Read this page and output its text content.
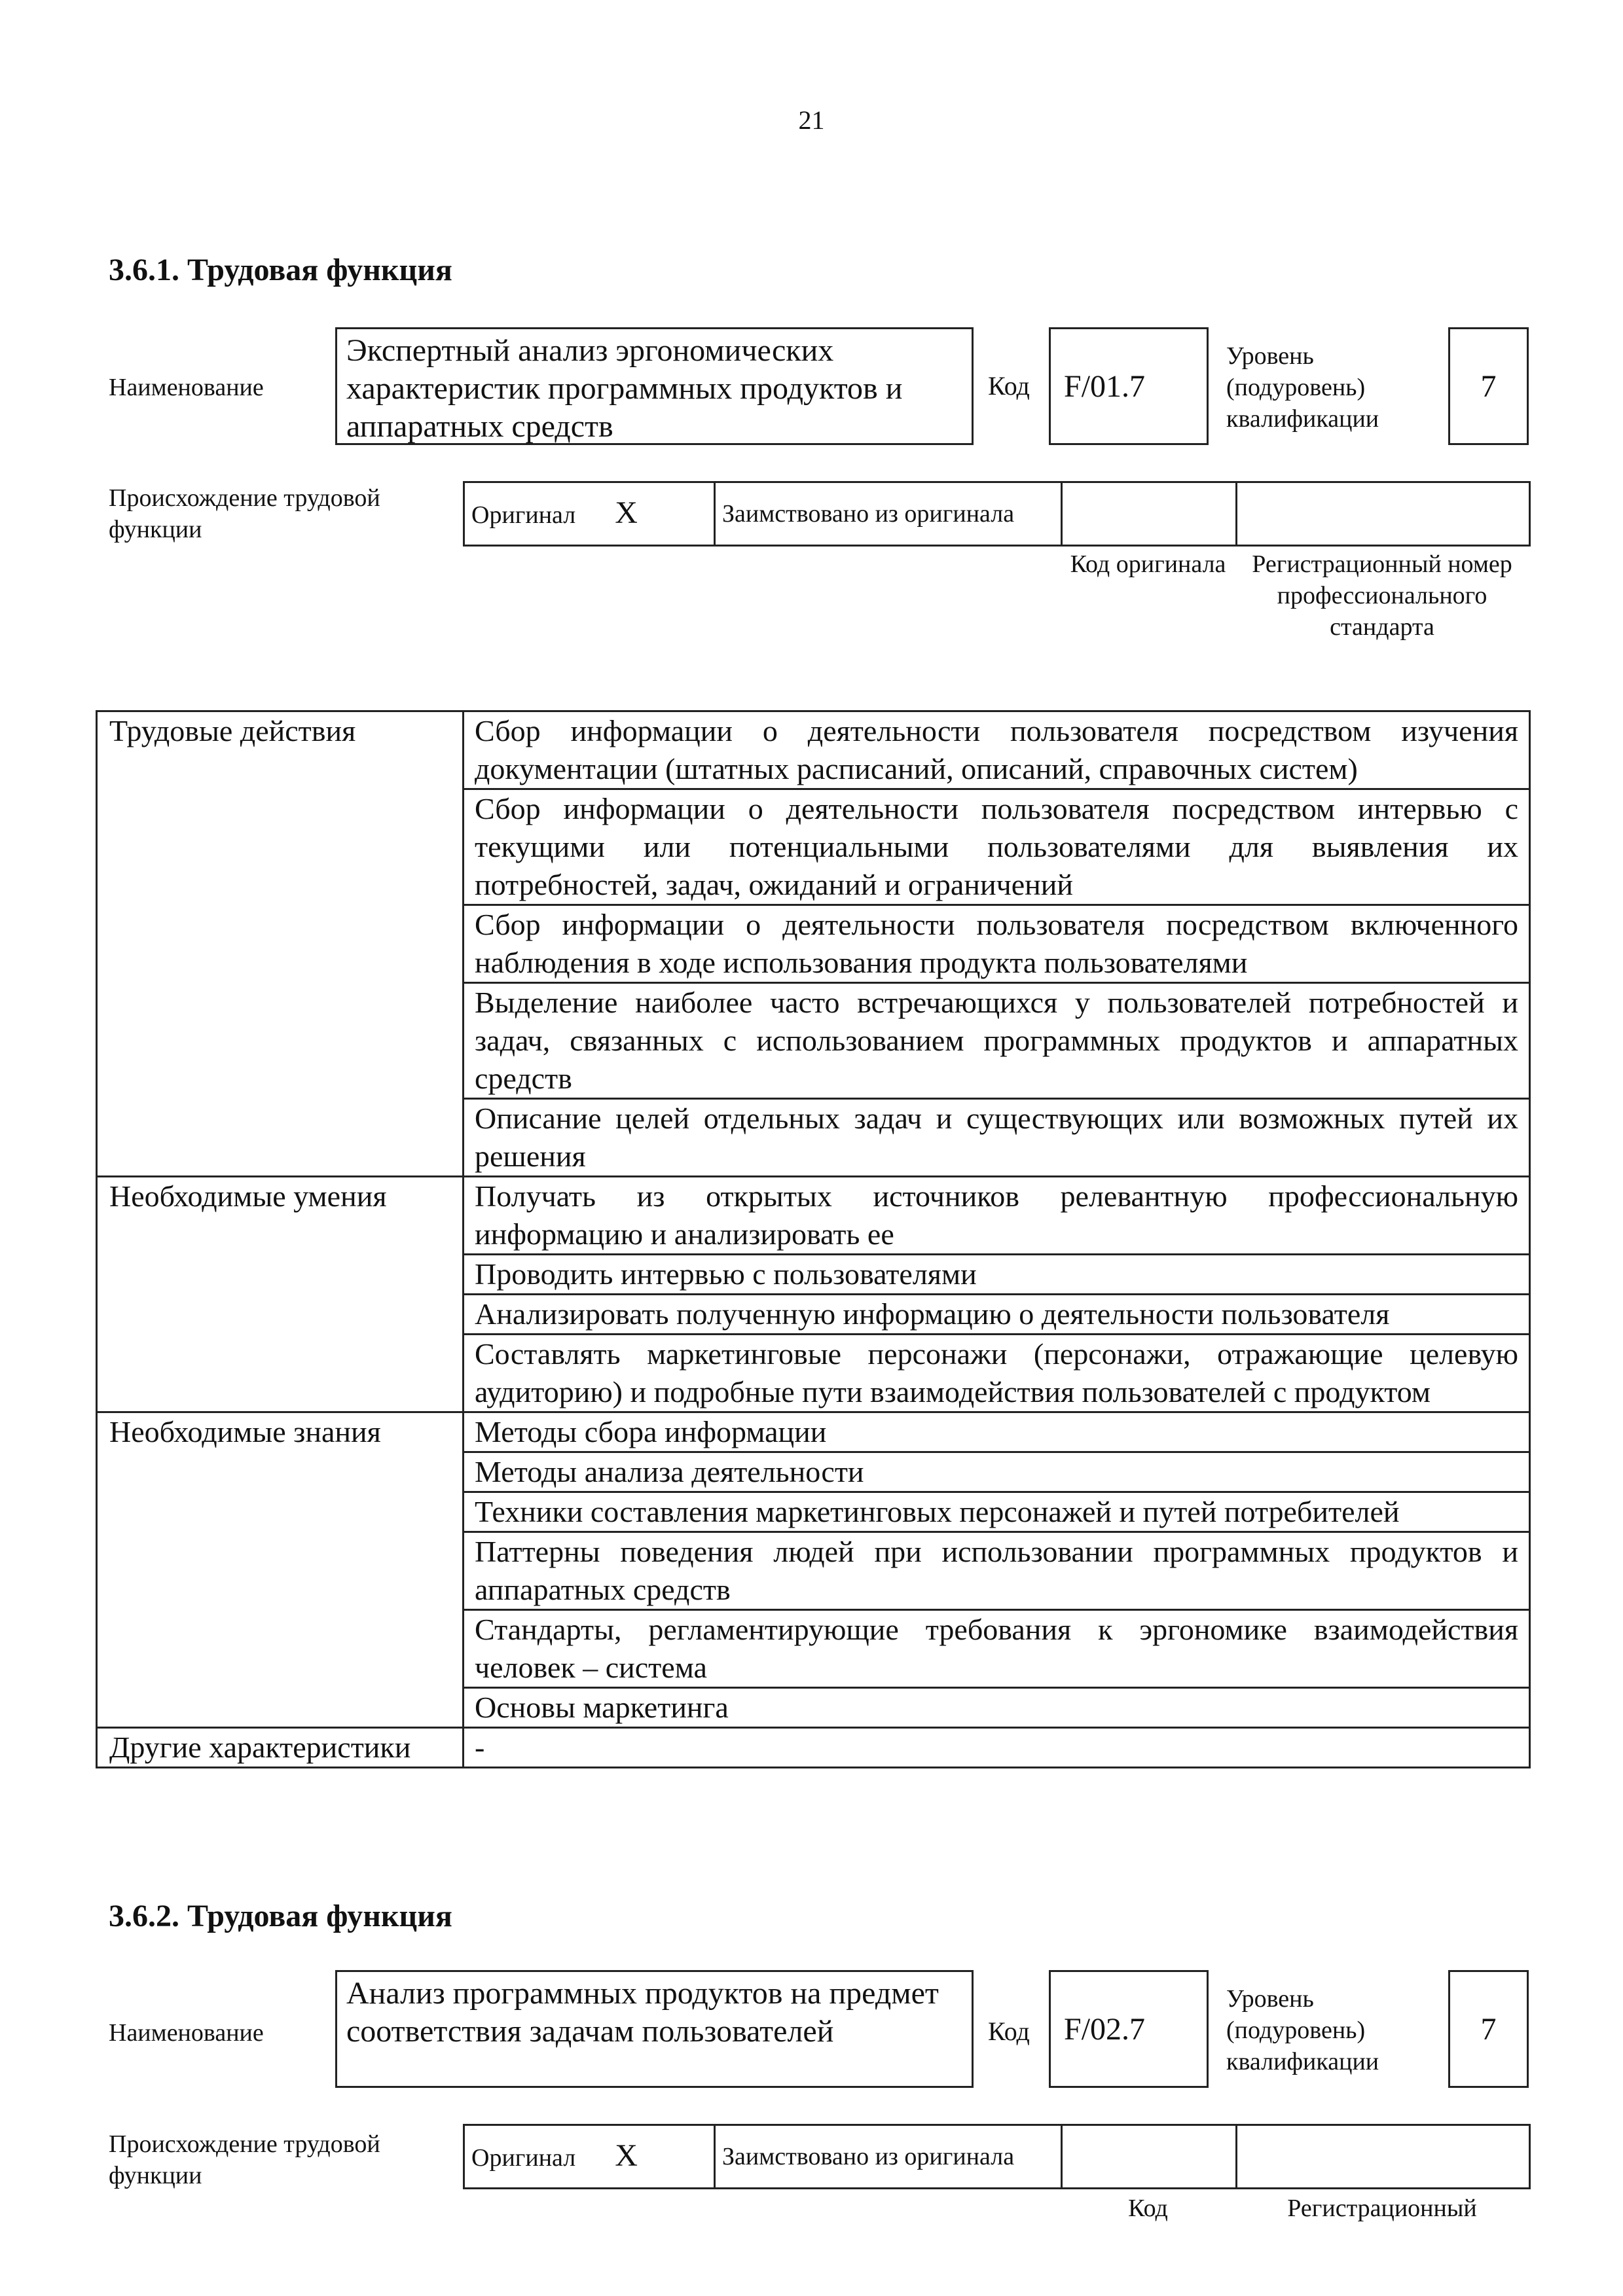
21
3.6.1. Трудовая функция
Наименование
Экспертный анализ эргономических характеристик программных продуктов и аппаратных средств
Код	F/01.7
Уровень (подуровень) квалификации
7
Происхождение трудовой функции
Оригинал X	Заимствовано из оригинала		
Код оригинала	Регистрационный номер профессионального стандарта
Трудовые действия	Сбор информации о деятельности пользователя посредством изучения документации (штатных расписаний, описаний, справочных систем)
	Сбор информации о деятельности пользователя посредством интервью с текущими или потенциальными пользователями для выявления их потребностей, задач, ожиданий и ограничений
	Сбор информации о деятельности пользователя посредством включенного наблюдения в ходе использования продукта пользователями
	Выделение наиболее часто встречающихся у пользователей потребностей и задач, связанных с использованием программных продуктов и аппаратных средств
	Описание целей отдельных задач и существующих или возможных путей их решения
Необходимые умения	Получать из открытых источников релевантную профессиональную информацию и анализировать ее
	Проводить интервью с пользователями
	Анализировать полученную информацию о деятельности пользователя
	Составлять маркетинговые персонажи (персонажи, отражающие целевую аудиторию) и подробные пути взаимодействия пользователей с продуктом
Необходимые знания	Методы сбора информации
	Методы анализа деятельности
	Техники составления маркетинговых персонажей и путей потребителей
	Паттерны поведения людей при использовании программных продуктов и аппаратных средств
	Стандарты, регламентирующие требования к эргономике взаимодействия человек – система
	Основы маркетинга
Другие характеристики	-
3.6.2. Трудовая функция
Наименование
Анализ программных продуктов на предмет соответствия задачам пользователей	Код	F/02.7
Уровень (подуровень) квалификации
7
Происхождение трудовой функции
Оригинал X	Заимствовано из оригинала		
Код	Регистрационный
